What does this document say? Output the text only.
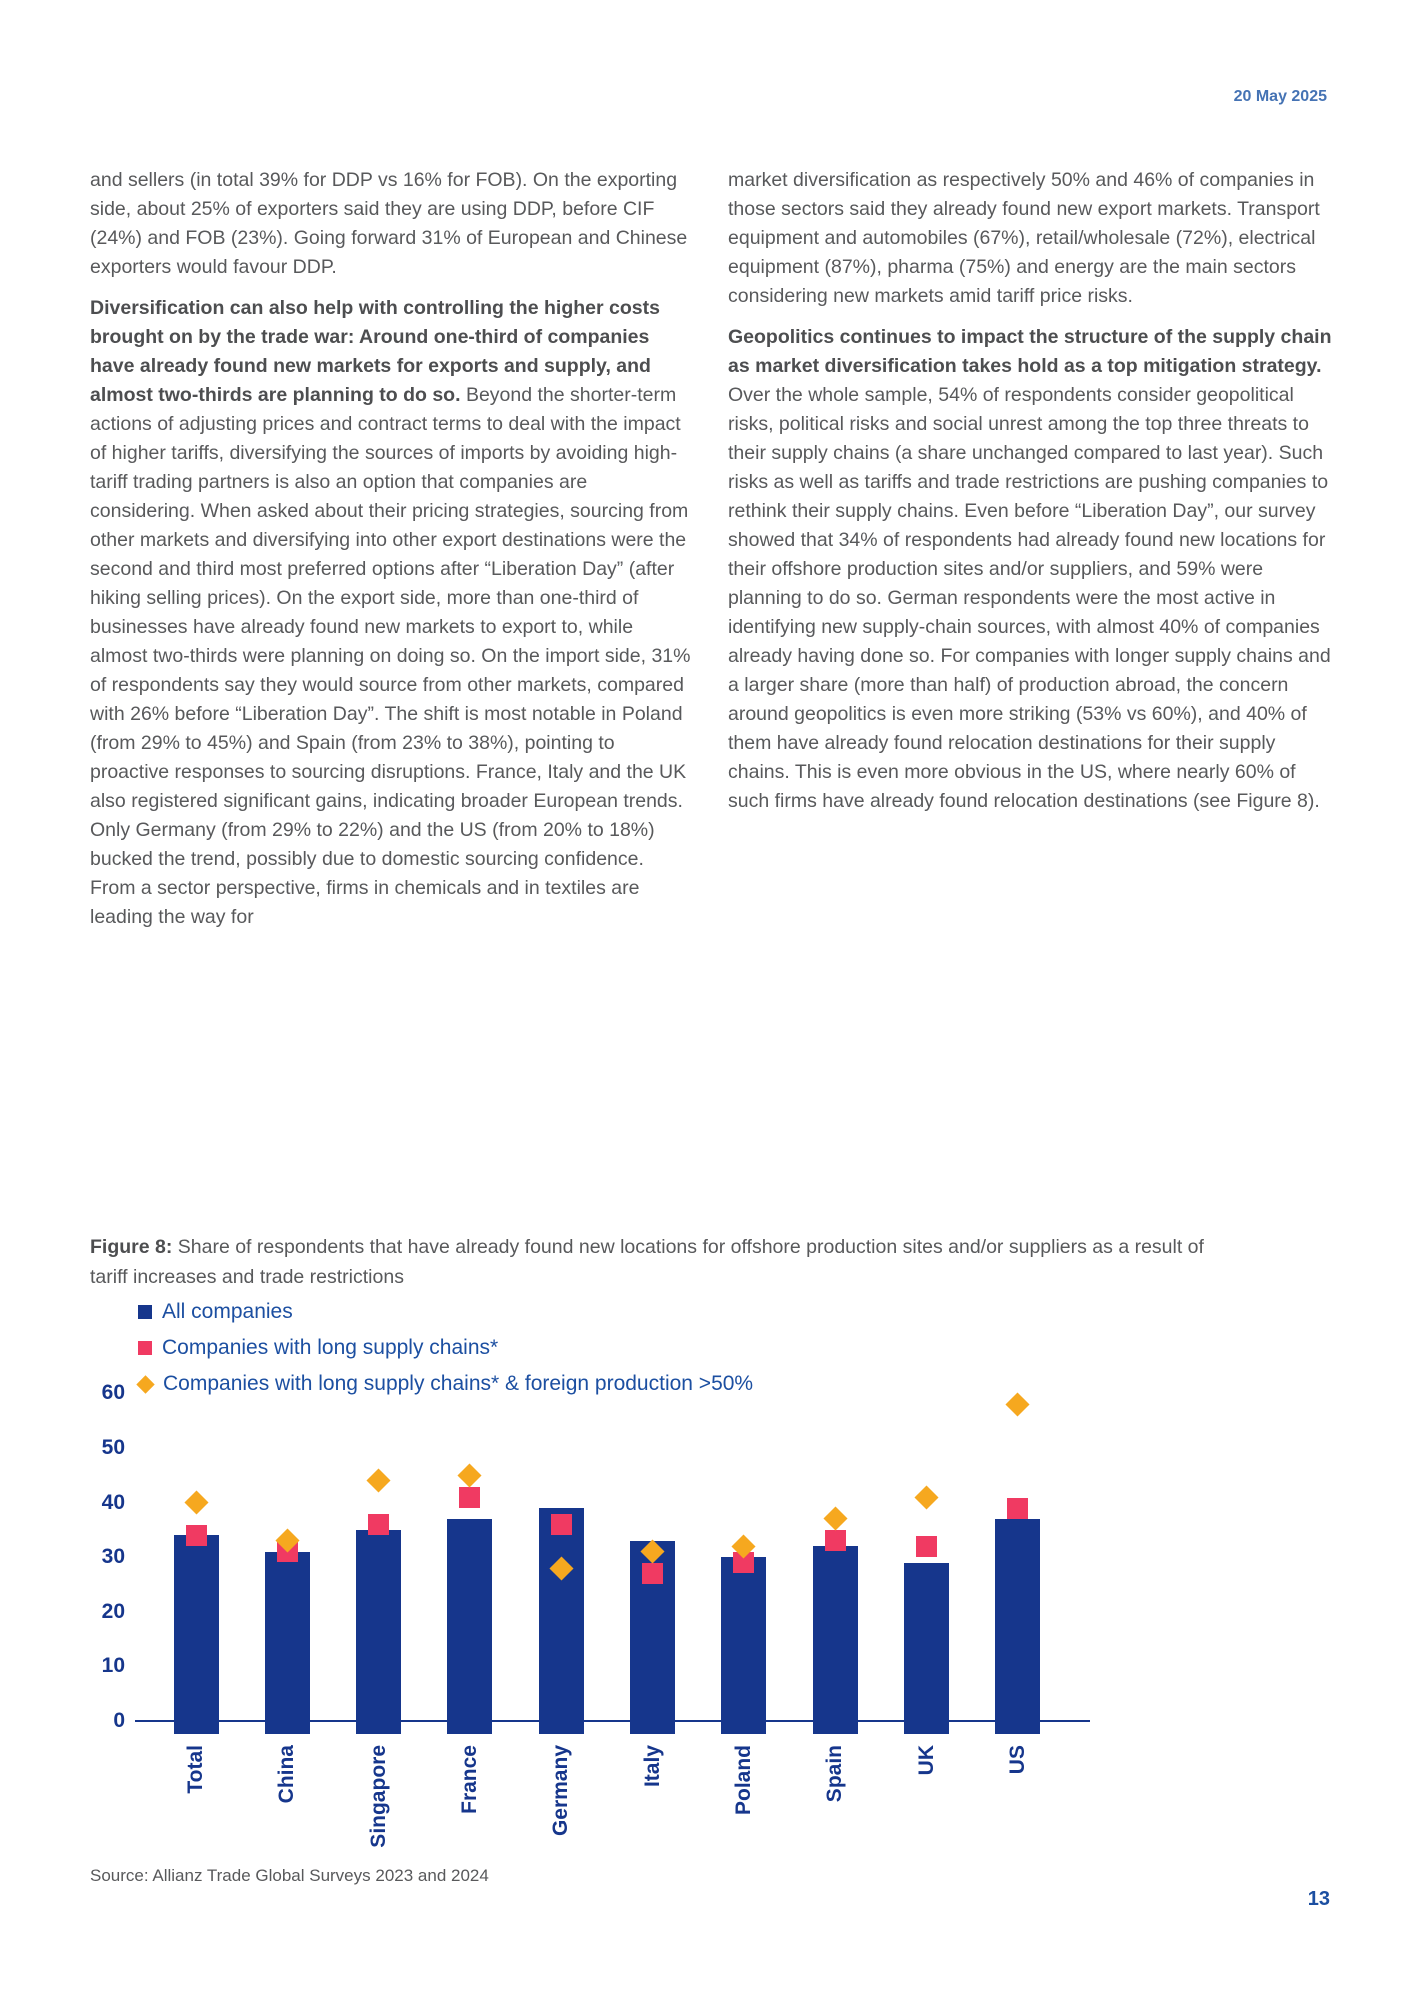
20 May 2025

and sellers (in total 39% for DDP vs 16% for FOB). On the exporting side, about 25% of exporters said they are using DDP, before CIF (24%) and FOB (23%). Going forward 31% of European and Chinese exporters would favour DDP.

Diversification can also help with controlling the higher costs brought on by the trade war: Around one-third of companies have already found new markets for exports and supply, and almost two-thirds are planning to do so. Beyond the shorter-term actions of adjusting prices and contract terms to deal with the impact of higher tariffs, diversifying the sources of imports by avoiding high-tariff trading partners is also an option that companies are considering. When asked about their pricing strategies, sourcing from other markets and diversifying into other export destinations were the second and third most preferred options after “Liberation Day” (after hiking selling prices). On the export side, more than one-third of businesses have already found new markets to export to, while almost two-thirds were planning on doing so. On the import side, 31% of respondents say they would source from other markets, compared with 26% before “Liberation Day”. The shift is most notable in Poland (from 29% to 45%) and Spain (from 23% to 38%), pointing to proactive responses to sourcing disruptions. France, Italy and the UK also registered significant gains, indicating broader European trends. Only Germany (from 29% to 22%) and the US (from 20% to 18%) bucked the trend, possibly due to domestic sourcing confidence. From a sector perspective, firms in chemicals and in textiles are leading the way for

market diversification as respectively 50% and 46% of companies in those sectors said they already found new export markets. Transport equipment and automobiles (67%), retail/wholesale (72%), electrical equipment (87%), pharma (75%) and energy are the main sectors considering new markets amid tariff price risks.

Geopolitics continues to impact the structure of the supply chain as market diversification takes hold as a top mitigation strategy. Over the whole sample, 54% of respondents consider geopolitical risks, political risks and social unrest among the top three threats to their supply chains (a share unchanged compared to last year). Such risks as well as tariffs and trade restrictions are pushing companies to rethink their supply chains. Even before “Liberation Day”, our survey showed that 34% of respondents had already found new locations for their offshore production sites and/or suppliers, and 59% were planning to do so. German respondents were the most active in identifying new supply-chain sources, with almost 40% of companies already having done so. For companies with longer supply chains and a larger share (more than half) of production abroad, the concern around geopolitics is even more striking (53% vs 60%), and 40% of them have already found relocation destinations for their supply chains. This is even more obvious in the US, where nearly 60% of such firms have already found relocation destinations (see Figure 8).

Figure 8: Share of respondents that have already found new locations for offshore production sites and/or suppliers as a result of tariff increases and trade restrictions
All companies
Companies with long supply chains*
Companies with long supply chains* & foreign production >50%
0
10
20
30
40
50
60
Total	China	Singapore	France	Germany	Italy	Poland	Spain	UK	US
Source: Allianz Trade Global Surveys 2023 and 2024
13
